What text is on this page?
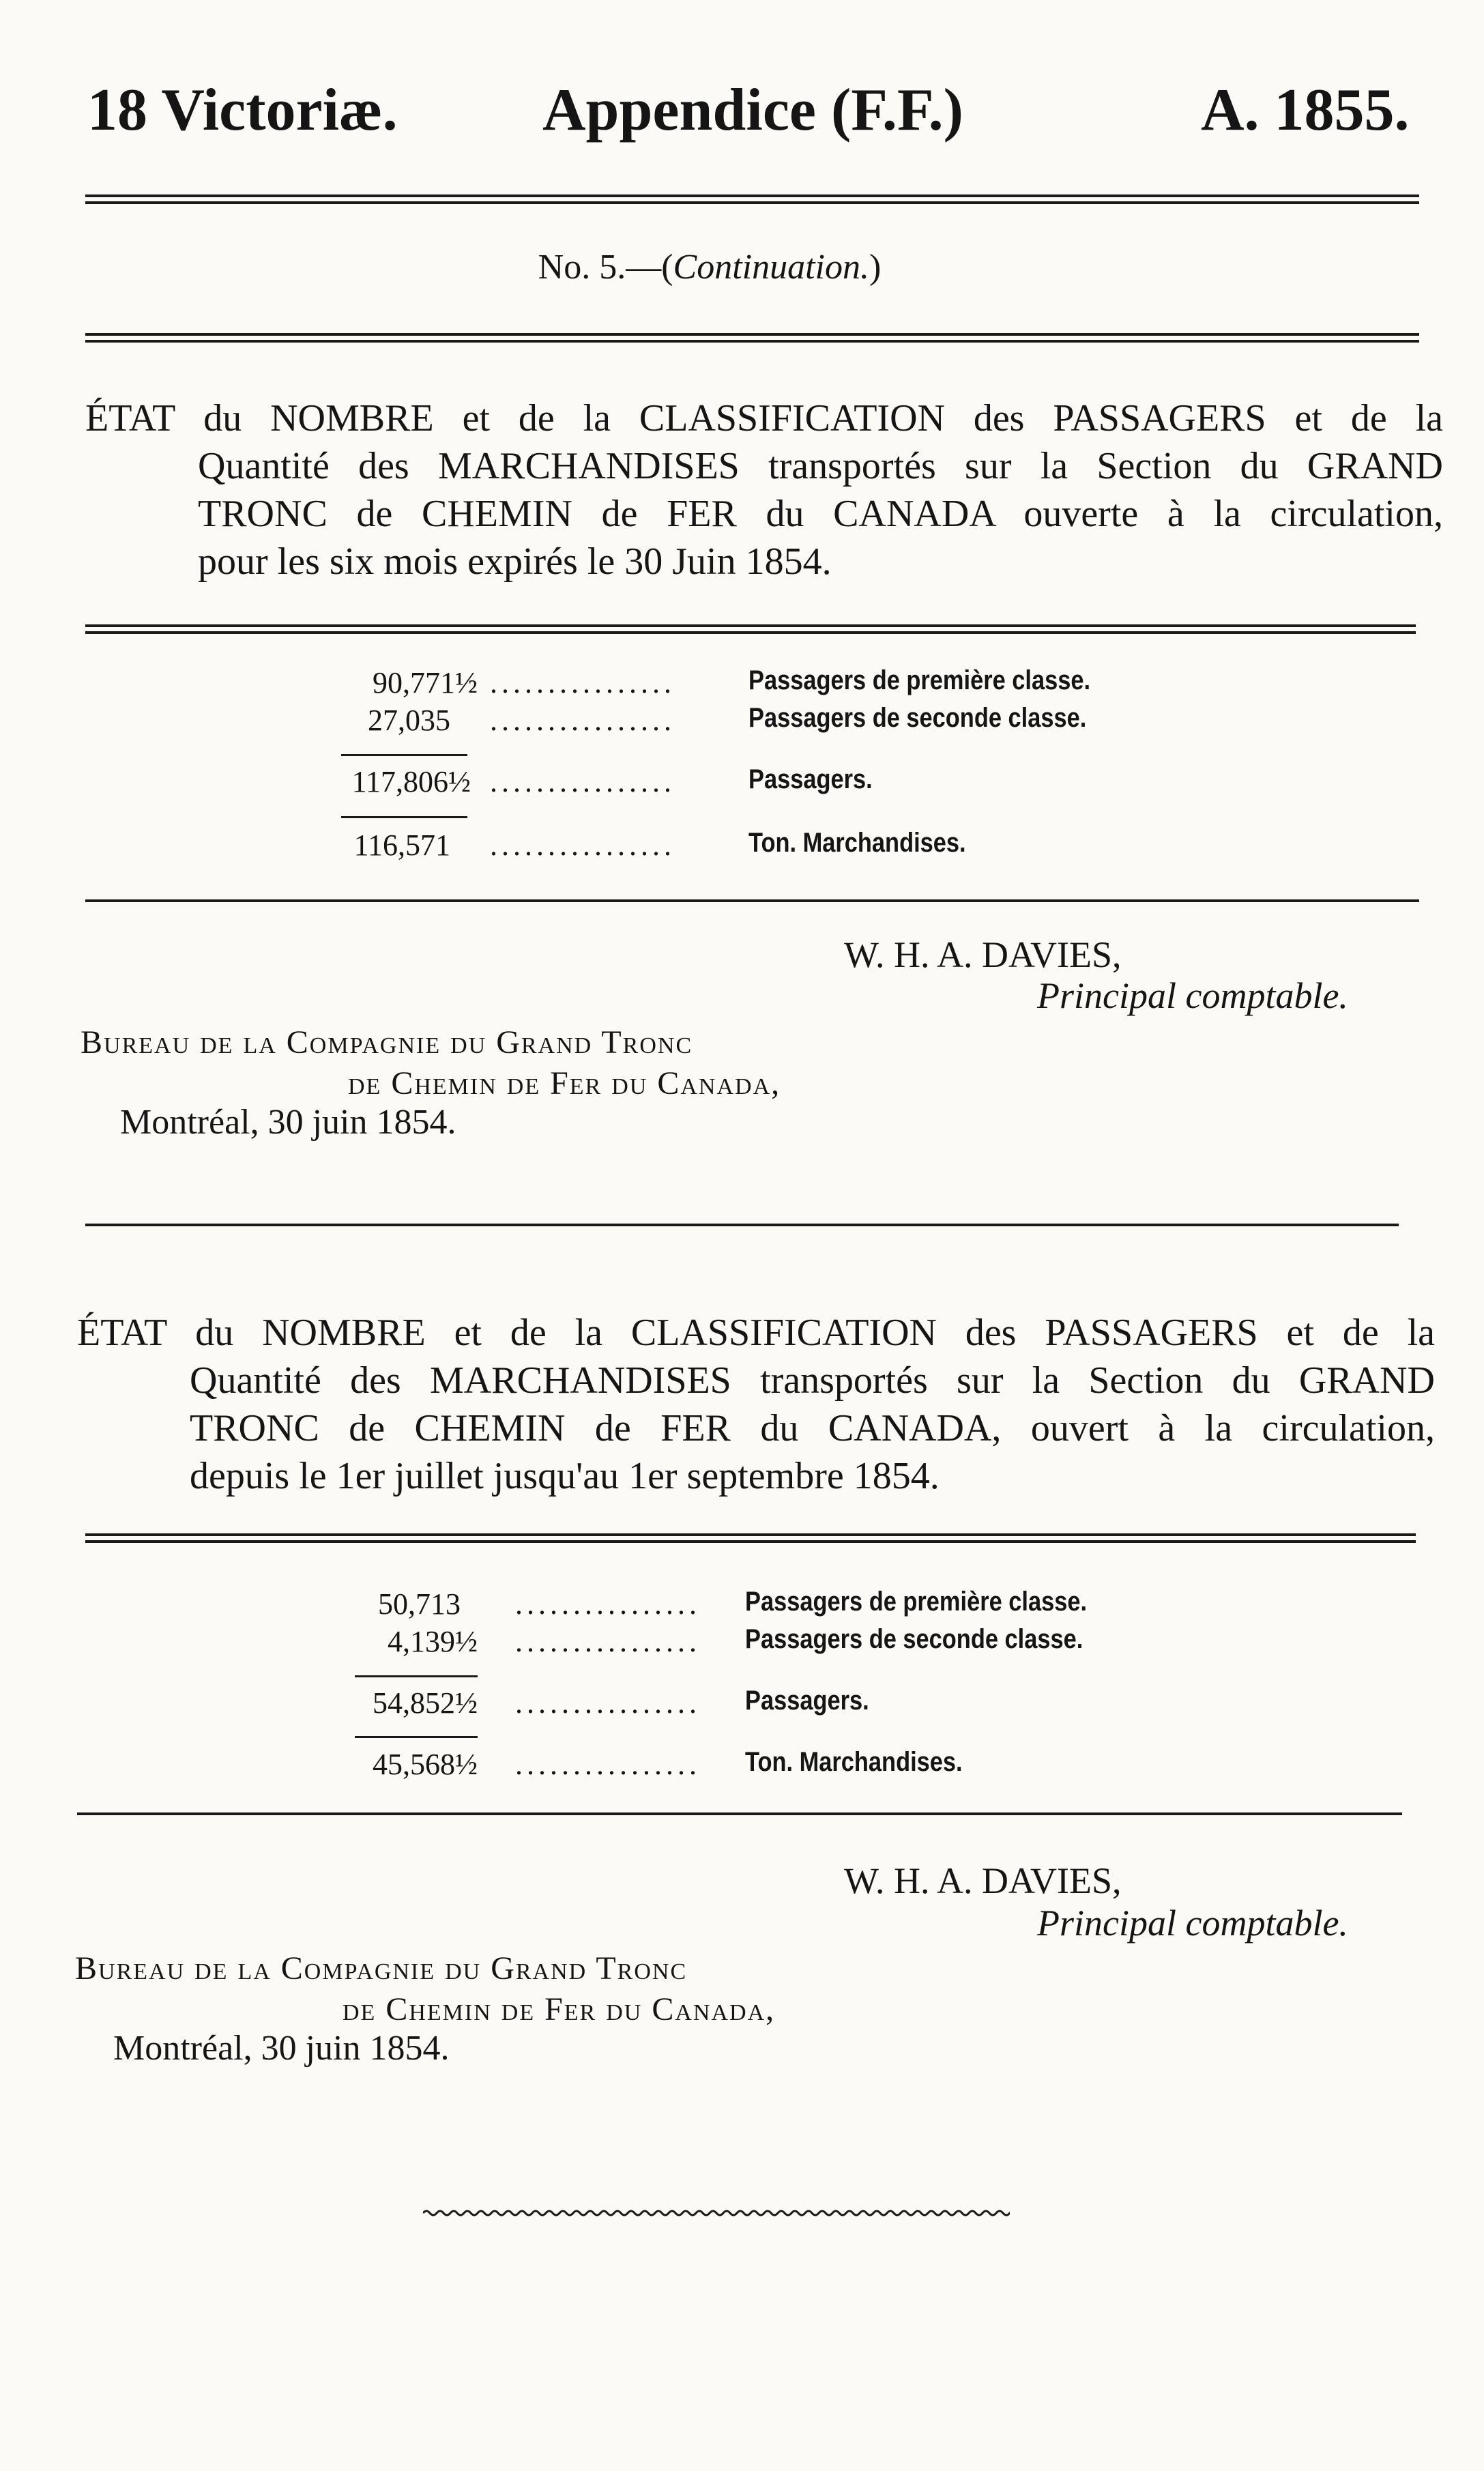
18 Victoriæ. Appendice (F.F.)	A. 1855.
No. 5.—(Continuation.)
ÉTAT du NOMBRE et de la CLASSIFICATION des PASSAGERS et de la
Quantité des MARCHANDISES transportés sur la Section du GRAND
TRONC de CHEMIN de FER du CANADA ouverte à la circulation,
pour les six mois expirés le 30 Juin 1854.
90,771½ ................	Passagers de première classe.
27,035 ................	Passagers de seconde classe.
117,806½ ................	Passagers.
116,571 ................	Ton. Marchandises.
W. H. A. DAVIES,
Principal comptable.
Bureau de la Compagnie du Grand Tronc
de Chemin de Fer du Canada,
Montréal, 30 juin 1854.
ÉTAT du NOMBRE et de la CLASSIFICATION des PASSAGERS et de la
Quantité des MARCHANDISES transportés sur la Section du GRAND
TRONC de CHEMIN de FER du CANADA, ouvert à la circulation,
depuis le 1er juillet jusqu'au 1er septembre 1854.
50,713 ................ Passagers de première classe.
4,139½ ................ Passagers de seconde classe.
54,852½ ................ Passagers.
45,568½ ................ Ton. Marchandises.
W. H. A. DAVIES,
Principal comptable.
Bureau de la Compagnie du Grand Tronc
de Chemin de Fer du Canada,
Montréal, 30 juin 1854.
